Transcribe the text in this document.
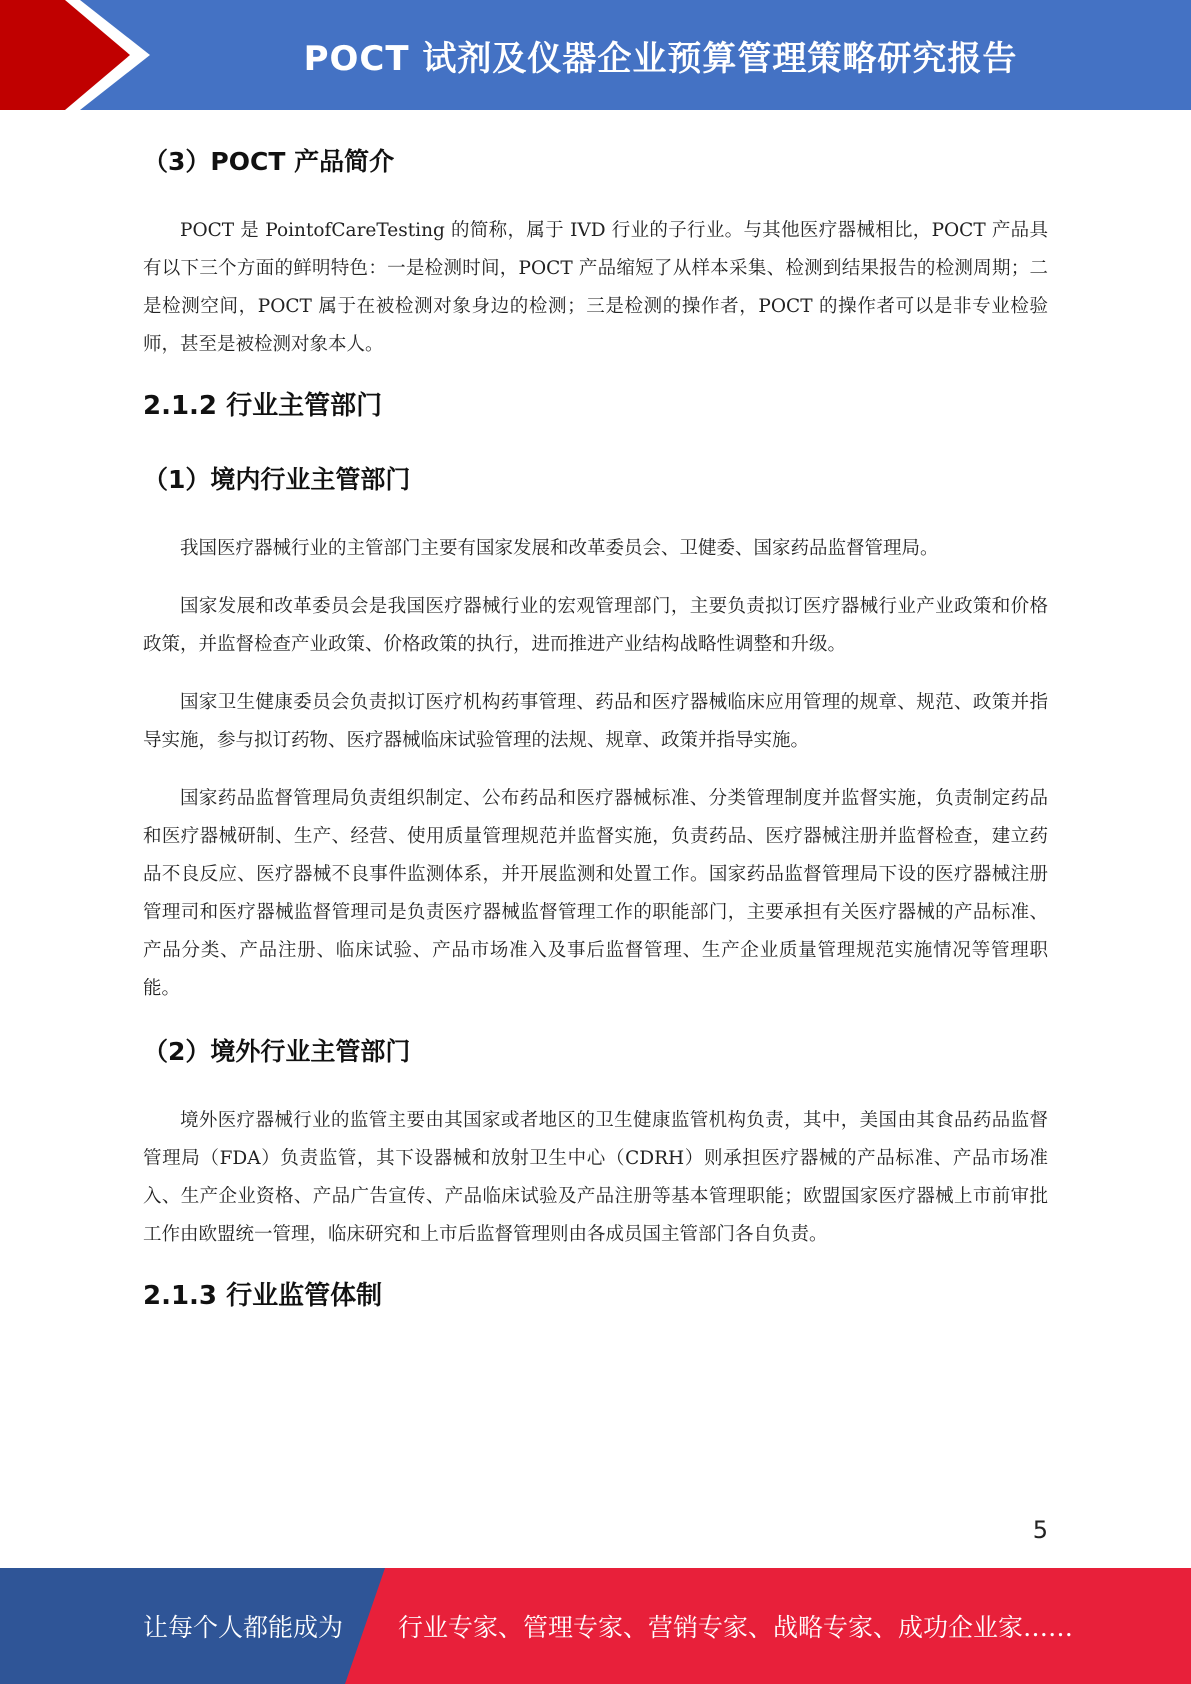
POCT 试剂及仪器企业预算管理策略研究报告
（3）POCT 产品简介
POCT 是 PointofCareTesting 的简称，属于 IVD 行业的子行业。与其他医疗器械相比，POCT 产品具有以下三个方面的鲜明特色：一是检测时间，POCT 产品缩短了从样本采集、检测到结果报告的检测周期；二是检测空间，POCT 属于在被检测对象身边的检测；三是检测的操作者，POCT 的操作者可以是非专业检验师，甚至是被检测对象本人。
2.1.2 行业主管部门
（1）境内行业主管部门
我国医疗器械行业的主管部门主要有国家发展和改革委员会、卫健委、国家药品监督管理局。
国家发展和改革委员会是我国医疗器械行业的宏观管理部门，主要负责拟订医疗器械行业产业政策和价格政策，并监督检查产业政策、价格政策的执行，进而推进产业结构战略性调整和升级。
国家卫生健康委员会负责拟订医疗机构药事管理、药品和医疗器械临床应用管理的规章、规范、政策并指导实施，参与拟订药物、医疗器械临床试验管理的法规、规章、政策并指导实施。
国家药品监督管理局负责组织制定、公布药品和医疗器械标准、分类管理制度并监督实施，负责制定药品和医疗器械研制、生产、经营、使用质量管理规范并监督实施，负责药品、医疗器械注册并监督检查，建立药品不良反应、医疗器械不良事件监测体系，并开展监测和处置工作。国家药品监督管理局下设的医疗器械注册管理司和医疗器械监督管理司是负责医疗器械监督管理工作的职能部门，主要承担有关医疗器械的产品标准、产品分类、产品注册、临床试验、产品市场准入及事后监督管理、生产企业质量管理规范实施情况等管理职能。
（2）境外行业主管部门
境外医疗器械行业的监管主要由其国家或者地区的卫生健康监管机构负责，其中，美国由其食品药品监督管理局（FDA）负责监管，其下设器械和放射卫生中心（CDRH）则承担医疗器械的产品标准、产品市场准入、生产企业资格、产品广告宣传、产品临床试验及产品注册等基本管理职能；欧盟国家医疗器械上市前审批工作由欧盟统一管理，临床研究和上市后监督管理则由各成员国主管部门各自负责。
2.1.3 行业监管体制
5
让每个人都能成为 行业专家、管理专家、营销专家、战略专家、成功企业家……
